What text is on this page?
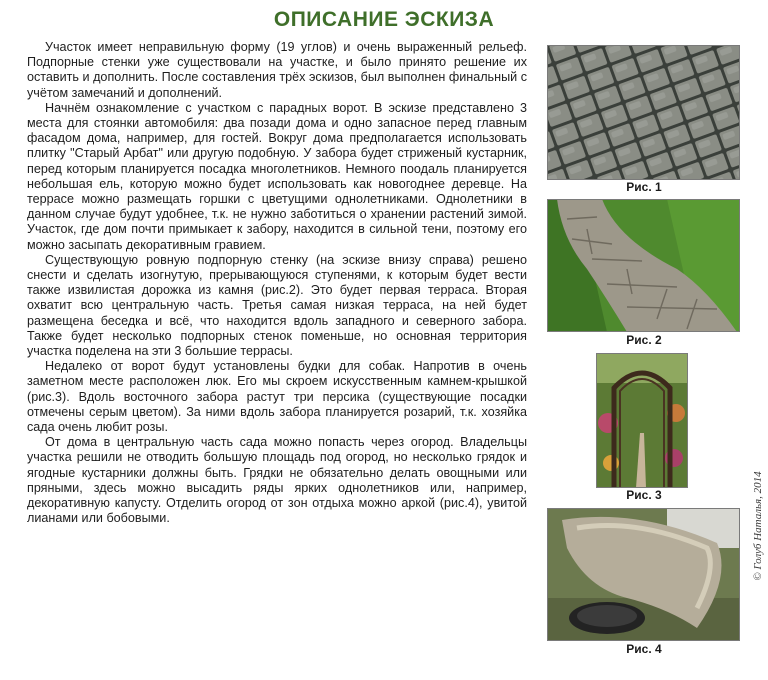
ОПИСАНИЕ ЭСКИЗА

Участок имеет неправильную форму (19 углов) и очень выраженный рельеф. Подпорные стенки уже существовали на участке, и было принято решение их оставить и дополнить. После составления трёх эскизов, был выполнен финальный с учётом замечаний и дополнений.

Начнём ознакомление с участком с парадных ворот. В эскизе представлено 3 места для стоянки автомобиля: два позади дома и одно запасное перед главным фасадом дома, например, для гостей. Вокруг дома предполагается использовать плитку "Старый Арбат" или другую подобную. У забора будет стриженый кустарник, перед которым планируется посадка многолетников. Немного поодаль планируется небольшая ель, которую можно будет использовать как новогоднее деревце. На террасе можно размещать горшки с цветущими однолетниками. Однолетники в данном случае будут удобнее, т.к. не нужно заботиться о хранении растений зимой. Участок, где дом почти примыкает к забору, находится в сильной тени, поэтому его можно засыпать декоративным гравием.

Существующую ровную подпорную стенку (на эскизе внизу справа) решено снести и сделать изогнутую, прерывающуюся ступенями, к которым будет вести также извилистая дорожка из камня (рис.2). Это будет первая терраса. Вторая охватит всю центральную часть. Третья самая низкая терраса, на ней будет размещена беседка и всё, что находится вдоль западного и северного забора. Также будет несколько подпорных стенок поменьше, но основная территория участка поделена на эти 3 большие террасы.

Недалеко от ворот будут установлены будки для собак. Напротив в очень заметном месте расположен люк. Его мы скроем искусственным камнем-крышкой (рис.3). Вдоль восточного забора растут три персика (существующие посадки отмечены серым цветом). За ними вдоль забора планируется розарий, т.к. хозяйка сада очень любит розы.

От дома в центральную часть сада можно попасть через огород. Владельцы участка решили не отводить большую площадь под огород, но несколько грядок и ягодные кустарники должны быть. Грядки не обязательно делать овощными или пряными, здесь можно высадить ряды ярких однолетников или, например, декоративную капусту. Отделить огород от зон отдыха можно аркой (рис.4), увитой лианами или бобовыми.

Рис. 1
Рис. 2
Рис. 3
Рис. 4
© Голуб Наталья, 2014
